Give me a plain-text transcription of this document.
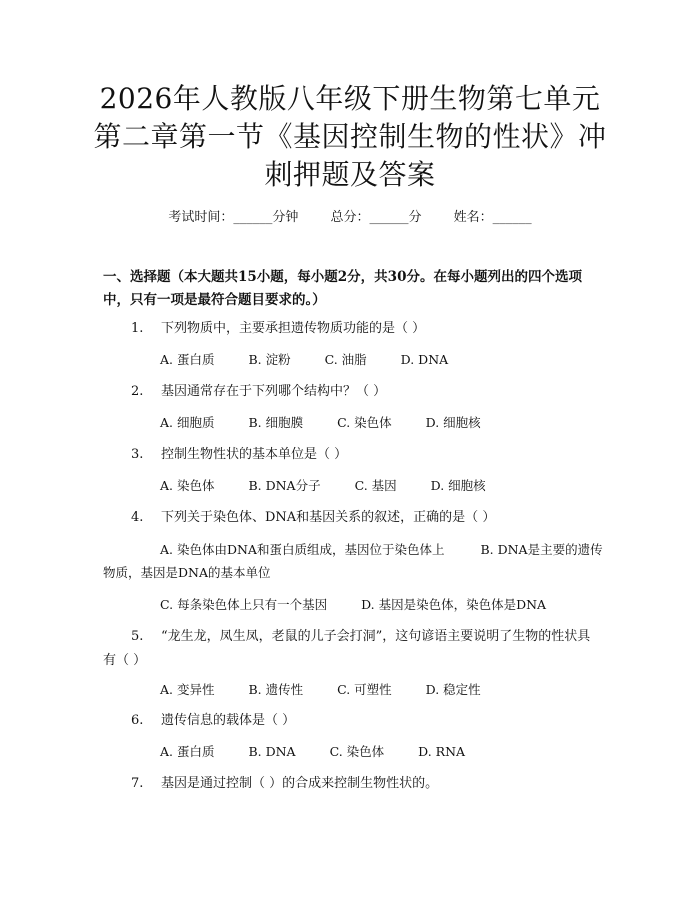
2026年人教版八年级下册生物第七单元第二章第一节《基因控制生物的性状》冲刺押题及答案
考试时间：______分钟 总分：______分 姓名：______
一、选择题（本大题共15小题，每小题2分，共30分。在每小题列出的四个选项中，只有一项是最符合题目要求的。）
1. 下列物质中，主要承担遗传物质功能的是（ ）
A. 蛋白质	B. 淀粉	C. 油脂	D. DNA
2. 基因通常存在于下列哪个结构中？（ ）
A. 细胞质	B. 细胞膜	C. 染色体	D. 细胞核
3. 控制生物性状的基本单位是（ ）
A. 染色体	B. DNA分子	C. 基因	D. 细胞核
4. 下列关于染色体、DNA和基因关系的叙述，正确的是（ ）
A. 染色体由DNA和蛋白质组成，基因位于染色体上	B. DNA是主要的遗传物质，基因是DNA的基本单位
C. 每条染色体上只有一个基因	D. 基因是染色体，染色体是DNA
5. “龙生龙，凤生凤，老鼠的儿子会打洞”，这句谚语主要说明了生物的性状具有（ ）
A. 变异性	B. 遗传性	C. 可塑性	D. 稳定性
6. 遗传信息的载体是（ ）
A. 蛋白质	B. DNA	C. 染色体	D. RNA
7. 基因是通过控制（ ）的合成来控制生物性状的。
